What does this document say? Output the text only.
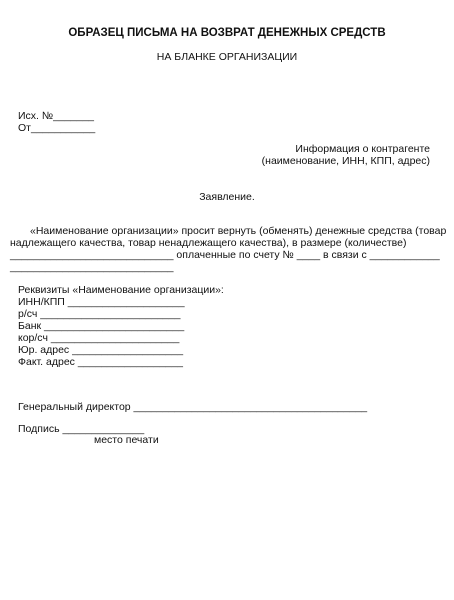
ОБРАЗЕЦ ПИСЬМА НА ВОЗВРАТ ДЕНЕЖНЫХ СРЕДСТВ
НА БЛАНКЕ ОРГАНИЗАЦИИ
Исх. №_______
От___________
Информация о контрагенте
(наименование, ИНН, КПП, адрес)
Заявление.
«Наименование организации» просит вернуть (обменять) денежные средства (товар
надлежащего качества, товар ненадлежащего качества), в размере (количестве)
____________________________ оплаченные по счету № ____ в связи с ____________
____________________________
Реквизиты «Наименование организации»:
ИНН/КПП ____________________
р/сч ________________________
Банк ________________________
кор/сч ______________________
Юр. адрес ___________________
Факт. адрес __________________
Генеральный директор ________________________________________
Подпись ______________
место печати
